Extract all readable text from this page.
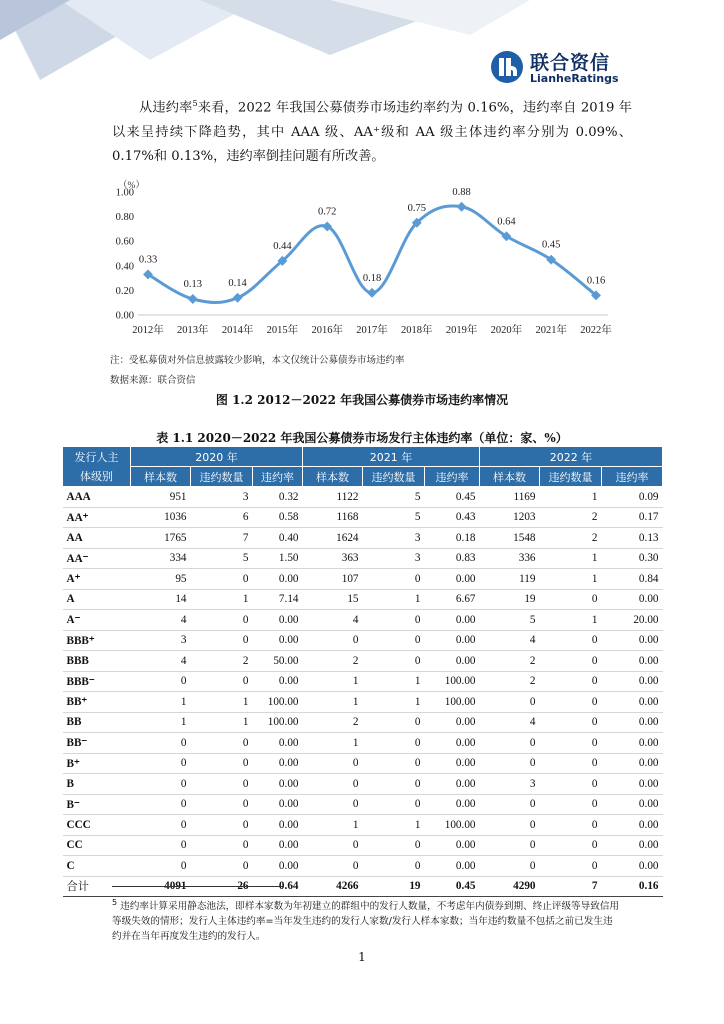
联合资信
LianheRatings

从违约率$^5$来看，2022 年我国公募债券市场违约率约为 0.16%，违约率自 2019 年以来呈持续下降趋势，其中 AAA 级、AA⁺级和 AA 级主体违约率分别为 0.09%、0.17%和 0.13%，违约率倒挂问题有所改善。

（%）
0.00
0.20
0.40
0.60
0.80
1.00
2012年 2013年 2014年 2015年 2016年 2017年 2018年 2019年 2020年 2021年 2022年
0.33
0.13	0.14
0.44
0.72
0.18
0.75
0.88
0.64
0.45
0.16
注：受私募债对外信息披露较少影响，本文仅统计公募债券市场违约率
数据来源：联合资信
图 1.2 2012－2022 年我国公募债券市场违约率情况
表 1.1 2020－2022 年我国公募债券市场发行主体违约率（单位：家、%）
发行人主
体级别	2020 年			2021 年			2022 年		
	样本数	违约数量	违约率	样本数	违约数量	违约率	样本数	违约数量	违约率
AAA	951	3	0.32	1122	5	0.45	1169	1	0.09
AA⁺	1036	6	0.58	1168	5	0.43	1203	2	0.17
AA	1765	7	0.40	1624	3	0.18	1548	2	0.13
AA⁻	334	5	1.50	363	3	0.83	336	1	0.30
A⁺	95	0	0.00	107	0	0.00	119	1	0.84
A	14	1	7.14	15	1	6.67	19	0	0.00
A⁻	4	0	0.00	4	0	0.00	5	1	20.00
BBB⁺	3	0	0.00	0	0	0.00	4	0	0.00
BBB	4	2	50.00	2	0	0.00	2	0	0.00
BBB⁻	0	0	0.00	1	1	100.00	2	0	0.00
BB⁺	1	1	100.00	1	1	100.00	0	0	0.00
BB	1	1	100.00	2	0	0.00	4	0	0.00
BB⁻	0	0	0.00	1	0	0.00	0	0	0.00
B⁺	0	0	0.00	0	0	0.00	0	0	0.00
B	0	0	0.00	0	0	0.00	3	0	0.00
B⁻	0	0	0.00	0	0	0.00	0	0	0.00
CCC	0	0	0.00	1	1	100.00	0	0	0.00
CC	0	0	0.00	0	0	0.00	0	0	0.00
C	0	0	0.00	0	0	0.00	0	0	0.00
合计	4091	26	0.64	4266	19	0.45	4290	7	0.16
$^5$ 违约率计算采用静态池法，即样本家数为年初建立的群组中的发行人数量，不考虑年内债券到期、终止评级等导致信用等级失效的情形；发行人主体违约率=当年发生违约的发行人家数/发行人样本家数；当年违约数量不包括之前已发生违约并在当年再度发生违约的发行人。
1
